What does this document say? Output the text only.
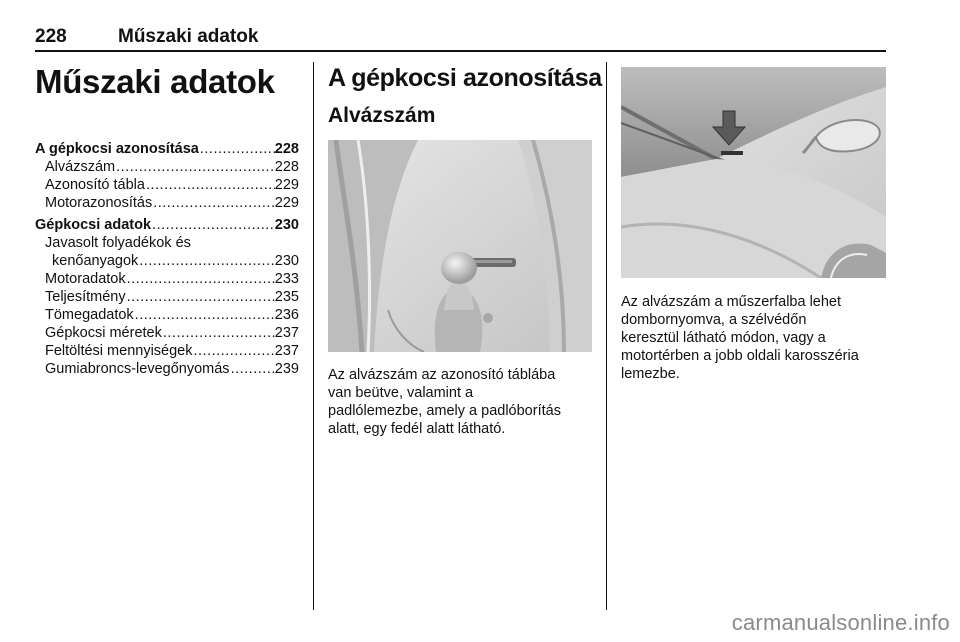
228	Műszaki adatok
Műszaki adatok
A gépkocsi azonosítása .....	228
Alvázszám .....	228
Azonosító tábla .....	229
Motorazonosítás .....	229
Gépkocsi adatok .....	230
Javasolt folyadékok és
kenőanyagok .....	230
Motoradatok .....	233
Teljesítmény .....	235
Tömegadatok .....	236
Gépkocsi méretek .....	237
Feltöltési mennyiségek .....	237
Gumiabroncs-levegőnyomás .....	239
A gépkocsi azonosítása
Alvázszám

Az alvázszám az azonosító táblába
van beütve, valamint a
padlólemezbe, amely a padlóborítás
alatt, egy fedél alatt látható.

Az alvázszám a műszerfalba lehet
dombornyomva, a szélvédőn
keresztül látható módon, vagy a
motortérben a jobb oldali karosszéria
lemezbe.

carmanualsonline.info
